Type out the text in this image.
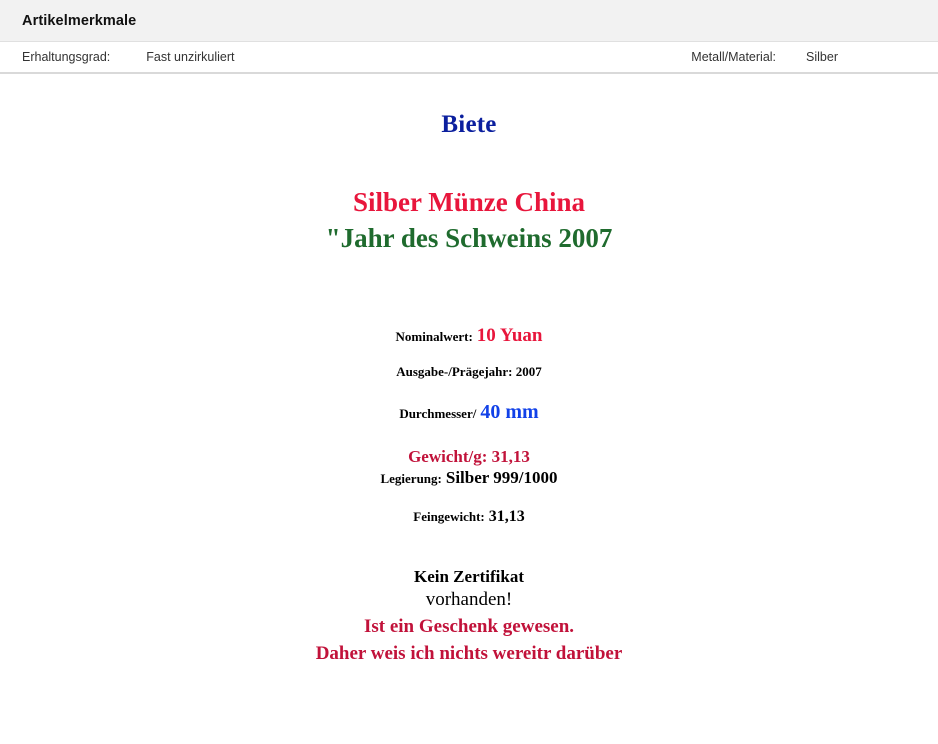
Artikelmerkmale
Erhaltungsgrad:	Fast unzirkuliert	Metall/Material: Silber
Biete
Silber Münze China
"Jahr des Schweins 2007
Nominalwert: 10 Yuan
Ausgabe-/Prägejahr: 2007
Durchmesser/ 40 mm
Gewicht/g: 31,13
Legierung: Silber 999/1000
Feingewicht: 31,13
Kein Zertifikat
vorhanden!
Ist ein Geschenk gewesen.
Daher weis ich nichts wereitr darüber
